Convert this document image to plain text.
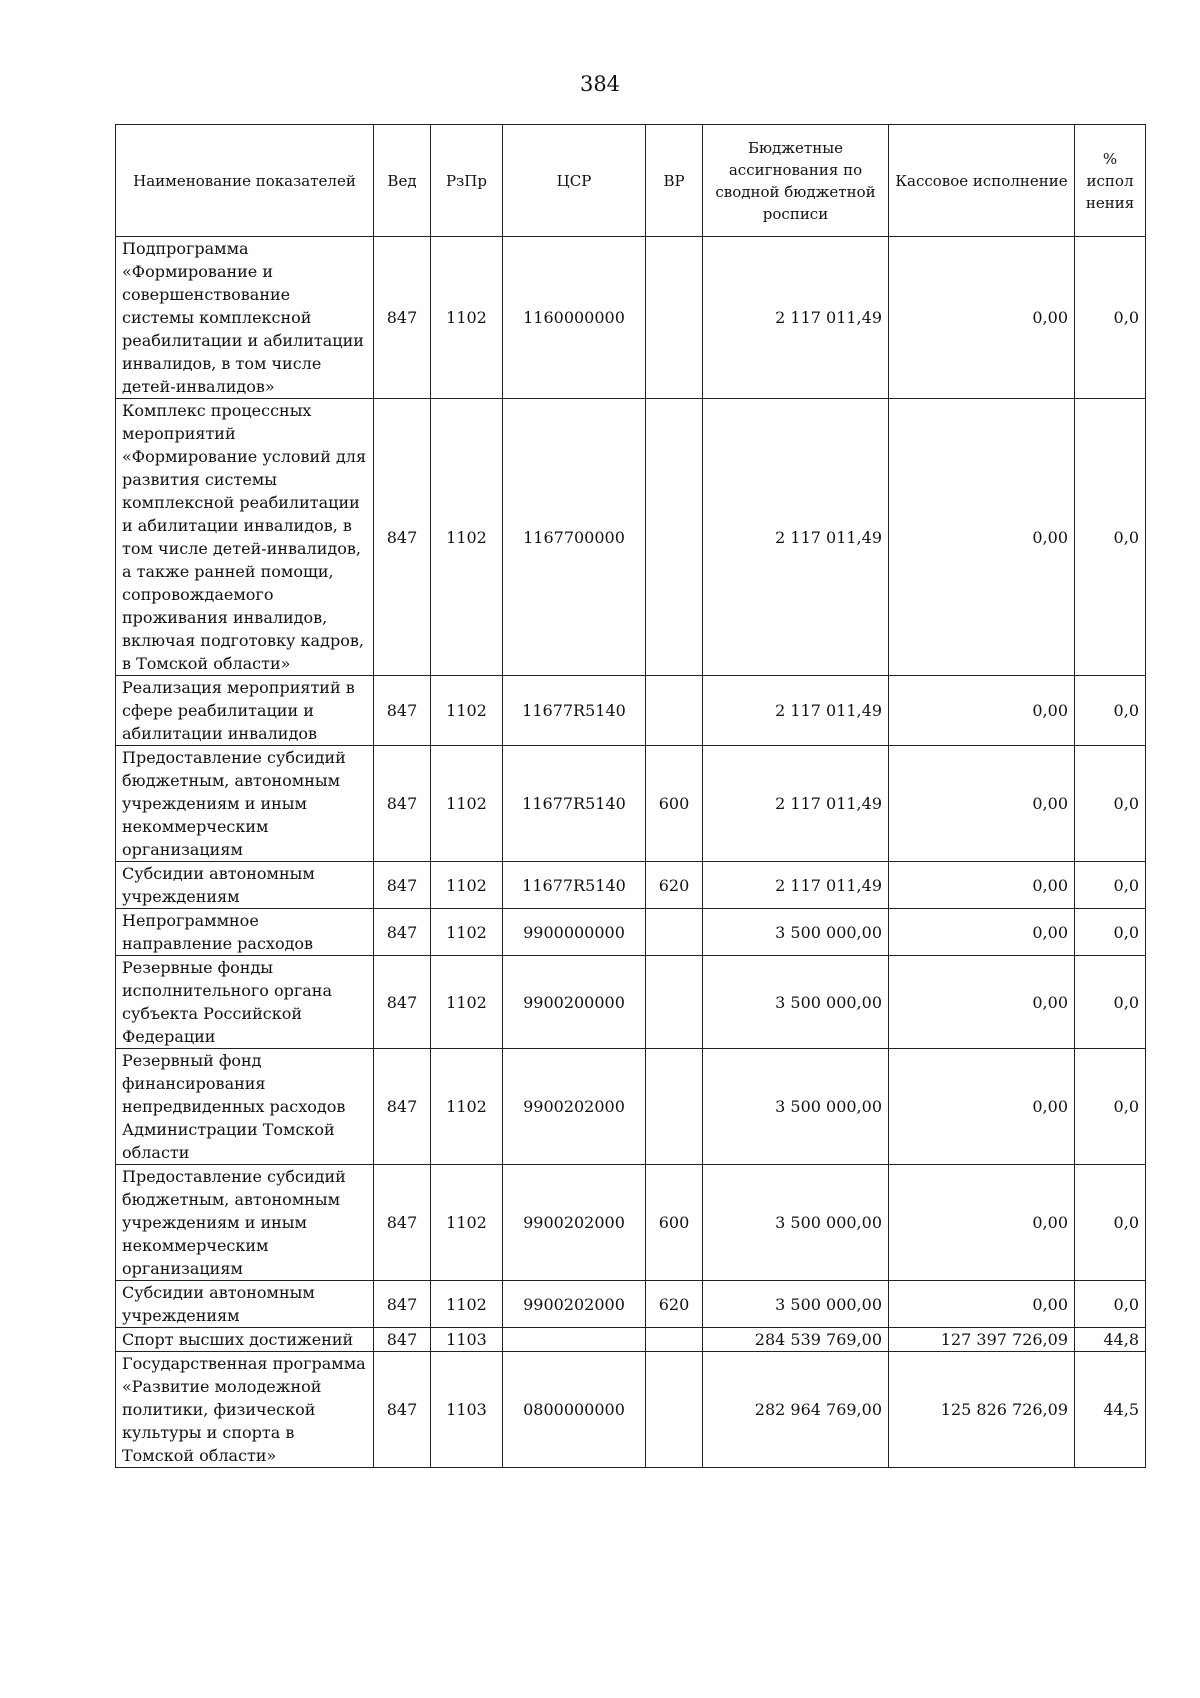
384
Наименование показателей	Вед	РзПр	ЦСР	ВР	Бюджетные ассигнования по сводной бюджетной росписи	Кассовое исполнение	% испол нения
Подпрограмма «Формирование и совершенствование системы комплексной реабилитации и абилитации инвалидов, в том числе детей-инвалидов»	847	1102	1160000000		2 117 011,49	0,00	0,0
Комплекс процессных мероприятий «Формирование условий для развития системы комплексной реабилитации и абилитации инвалидов, в том числе детей-инвалидов, а также ранней помощи, сопровождаемого проживания инвалидов, включая подготовку кадров, в Томской области»	847	1102	1167700000		2 117 011,49	0,00	0,0
Реализация мероприятий в сфере реабилитации и абилитации инвалидов	847	1102	11677R5140		2 117 011,49	0,00	0,0
Предоставление субсидий бюджетным, автономным учреждениям и иным некоммерческим организациям	847	1102	11677R5140	600	2 117 011,49	0,00	0,0
Субсидии автономным учреждениям	847	1102	11677R5140	620	2 117 011,49	0,00	0,0
Непрограммное направление расходов	847	1102	9900000000		3 500 000,00	0,00	0,0
Резервные фонды исполнительного органа субъекта Российской Федерации	847	1102	9900200000		3 500 000,00	0,00	0,0
Резервный фонд финансирования непредвиденных расходов Администрации Томской области	847	1102	9900202000		3 500 000,00	0,00	0,0
Предоставление субсидий бюджетным, автономным учреждениям и иным некоммерческим организациям	847	1102	9900202000	600	3 500 000,00	0,00	0,0
Субсидии автономным учреждениям	847	1102	9900202000	620	3 500 000,00	0,00	0,0
Спорт высших достижений	847	1103			284 539 769,00	127 397 726,09	44,8
Государственная программа «Развитие молодежной политики, физической культуры и спорта в Томской области»	847	1103	0800000000		282 964 769,00	125 826 726,09	44,5
